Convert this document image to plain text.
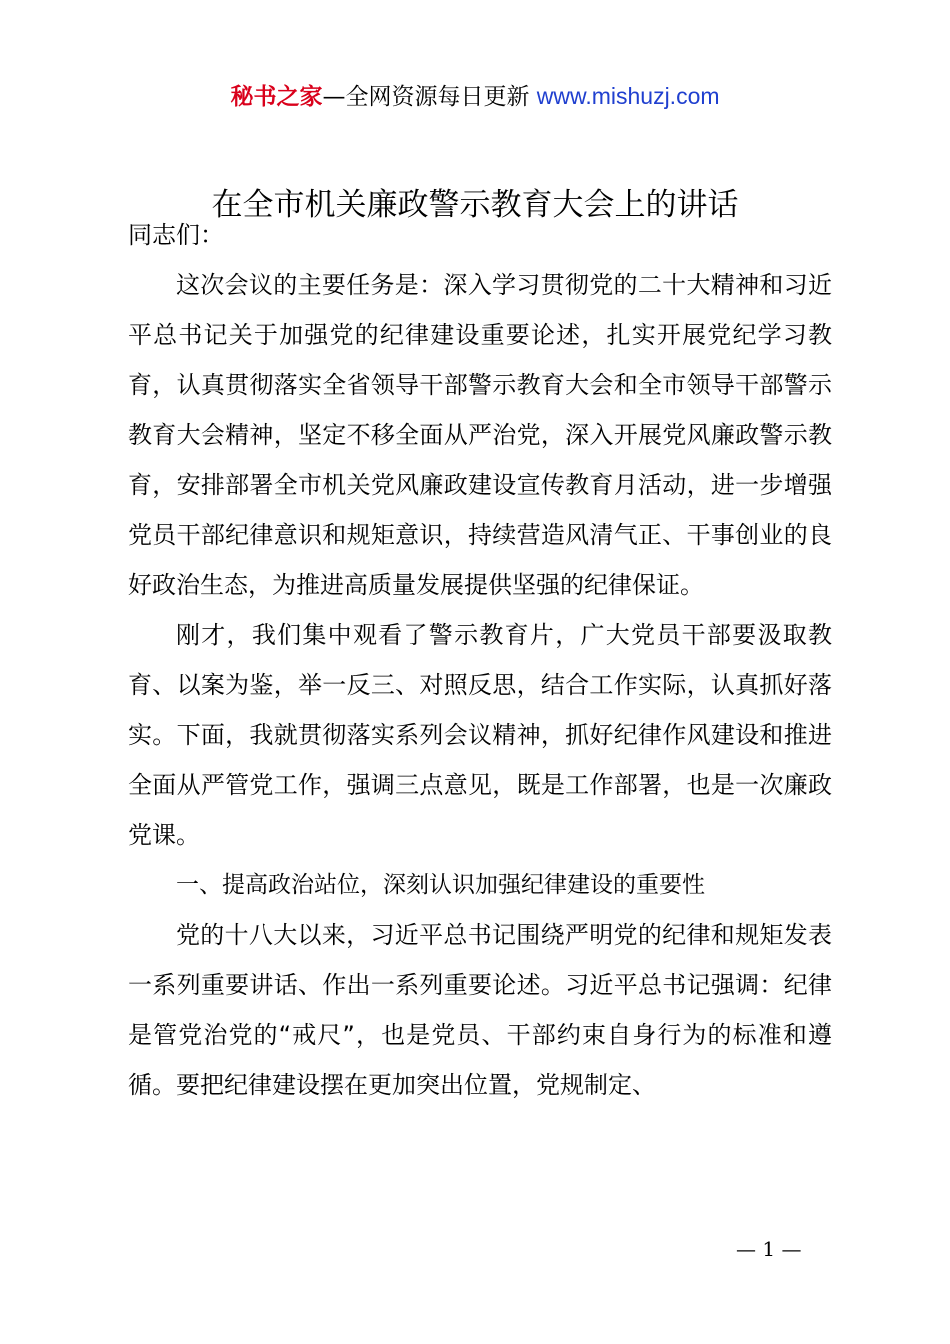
秘书之家—全网资源每日更新 www.mishuzj.com
在全市机关廉政警示教育大会上的讲话

同志们：

这次会议的主要任务是：深入学习贯彻党的二十大精神和习近平总书记关于加强党的纪律建设重要论述，扎实开展党纪学习教育，认真贯彻落实全省领导干部警示教育大会和全市领导干部警示教育大会精神，坚定不移全面从严治党，深入开展党风廉政警示教育，安排部署全市机关党风廉政建设宣传教育月活动，进一步增强党员干部纪律意识和规矩意识，持续营造风清气正、干事创业的良好政治生态，为推进高质量发展提供坚强的纪律保证。

刚才，我们集中观看了警示教育片，广大党员干部要汲取教育、以案为鉴，举一反三、对照反思，结合工作实际，认真抓好落实。下面，我就贯彻落实系列会议精神，抓好纪律作风建设和推进全面从严管党工作，强调三点意见，既是工作部署，也是一次廉政党课。

一、提高政治站位，深刻认识加强纪律建设的重要性

党的十八大以来，习近平总书记围绕严明党的纪律和规矩发表一系列重要讲话、作出一系列重要论述。习近平总书记强调：纪律是管党治党的“戒尺”，也是党员、干部约束自身行为的标准和遵循。要把纪律建设摆在更加突出位置，党规制定、

— 1 —
